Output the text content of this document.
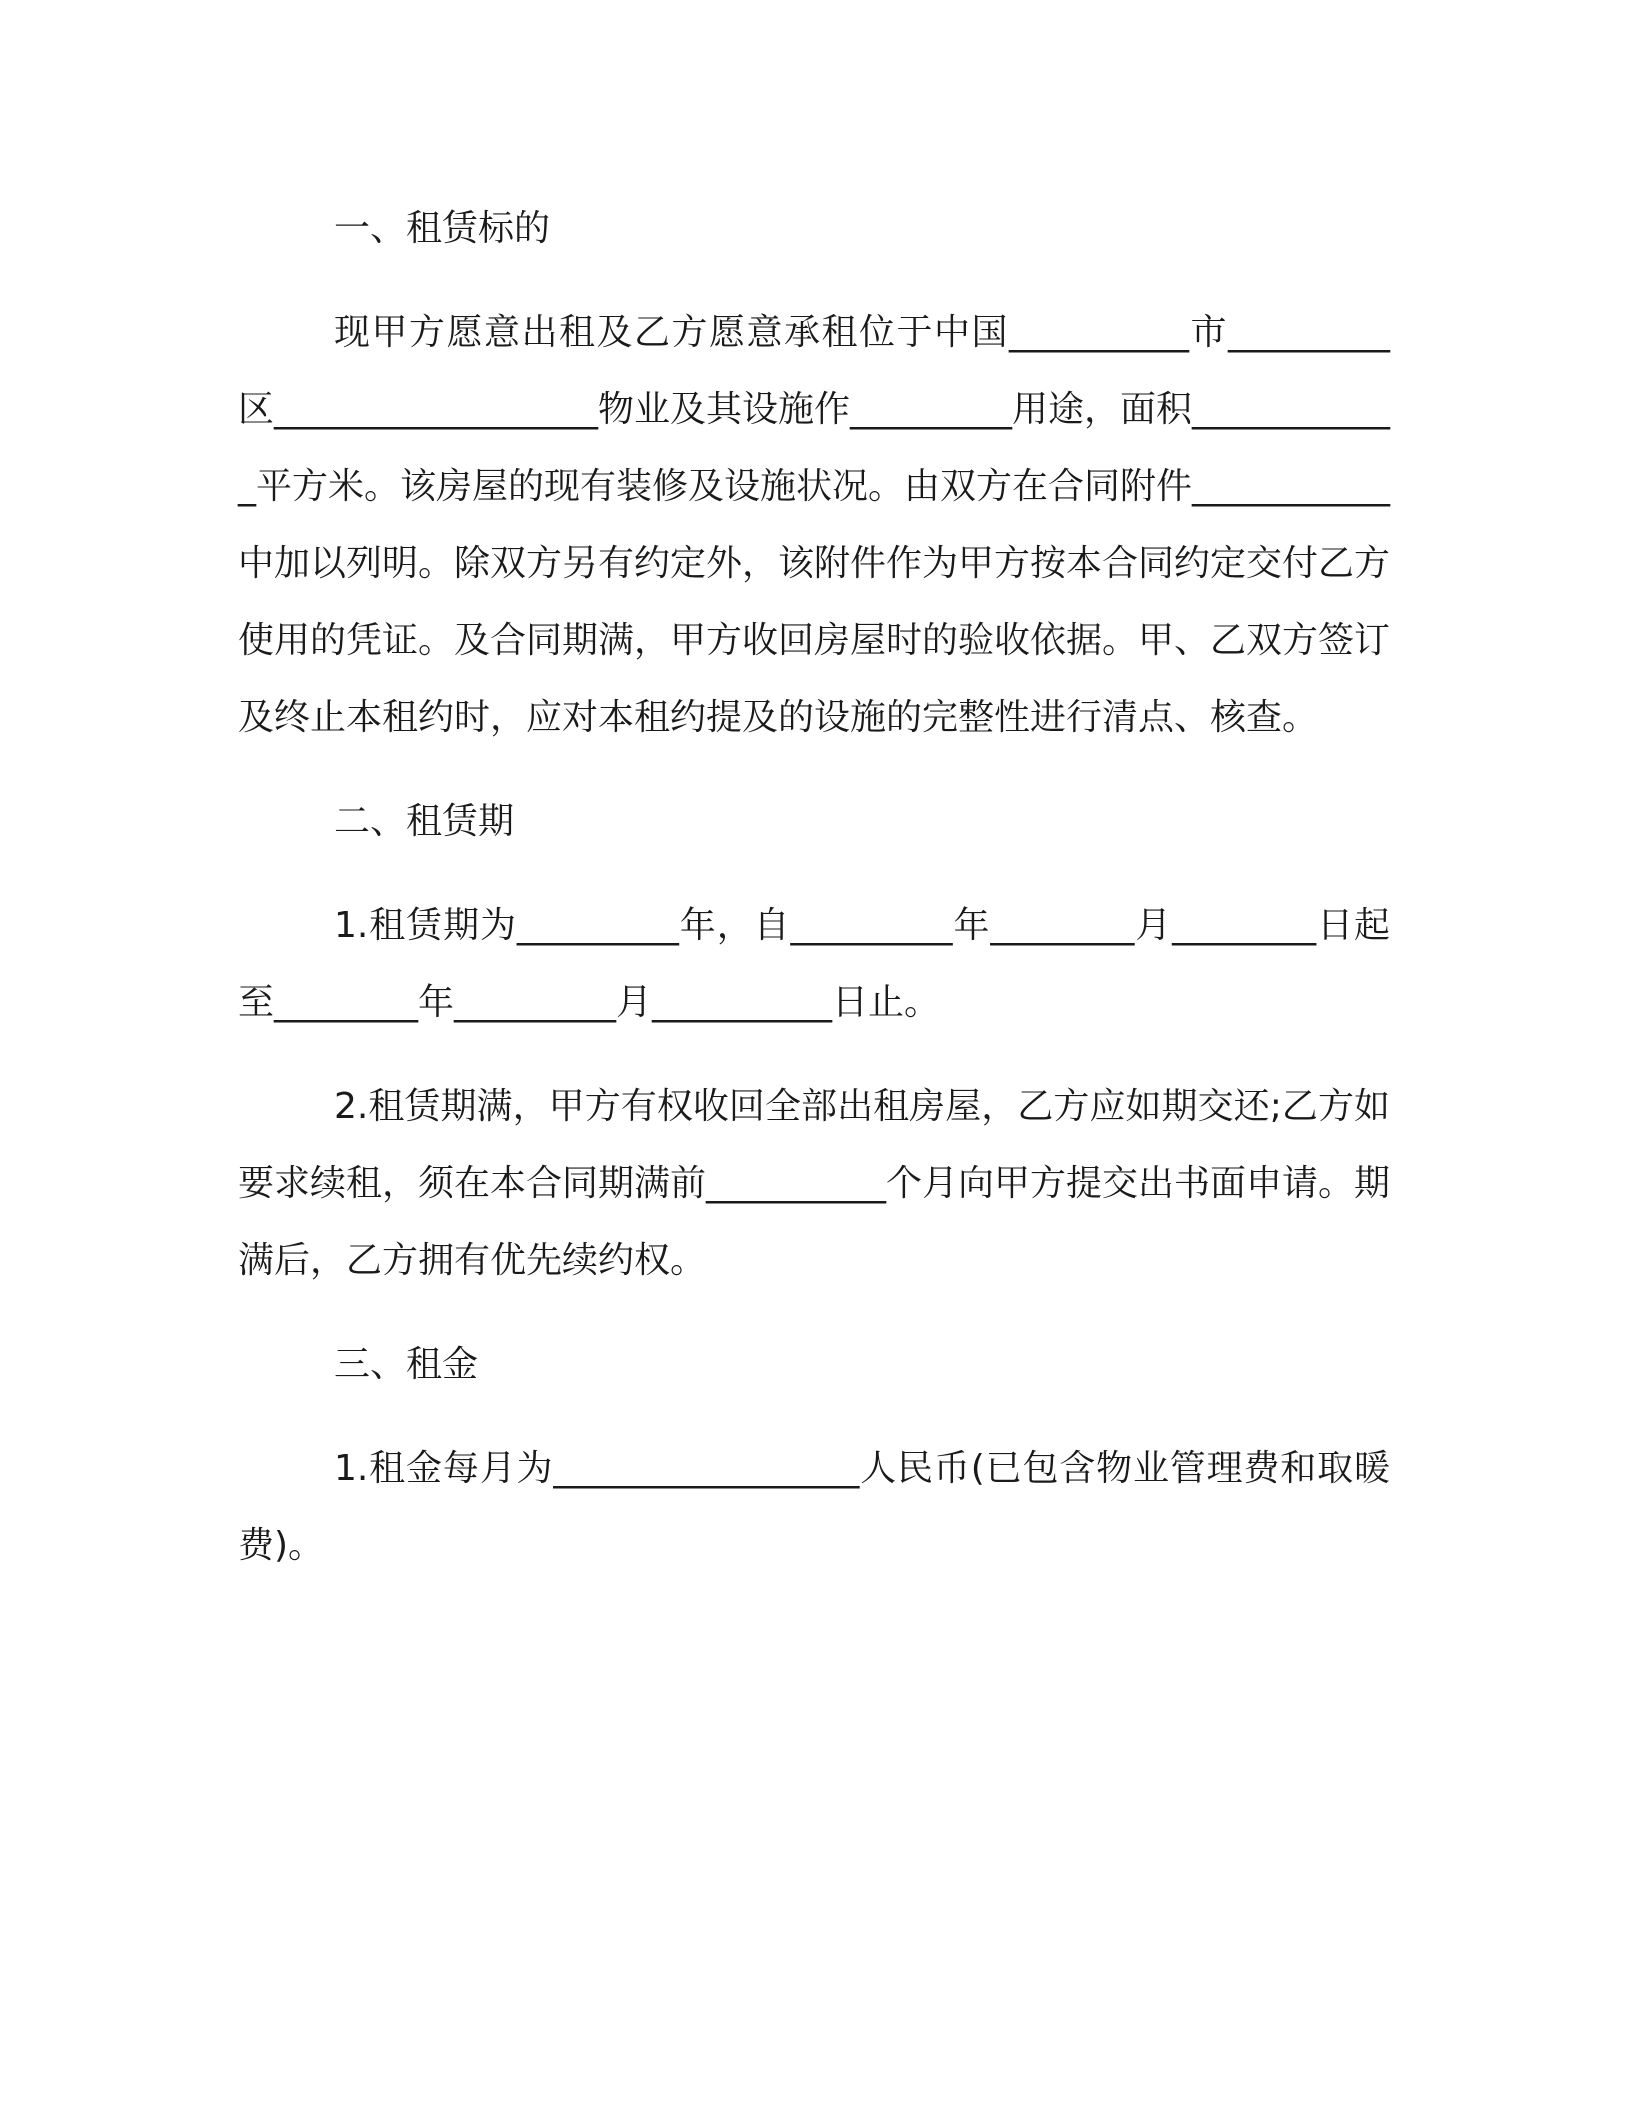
一、租赁标的

现甲方愿意出租及乙方愿意承租位于中国__________市_________区__________________物业及其设施作_________用途，面积____________平方米。该房屋的现有装修及设施状况。由双方在合同附件___________中加以列明。除双方另有约定外，该附件作为甲方按本合同约定交付乙方使用的凭证。及合同期满，甲方收回房屋时的验收依据。甲、乙双方签订及终止本租约时，应对本租约提及的设施的完整性进行清点、核查。

二、租赁期

1.租赁期为_________年，自_________年________月________日起至________年_________月__________日止。

2.租赁期满，甲方有权收回全部出租房屋，乙方应如期交还;乙方如要求续租，须在本合同期满前__________个月向甲方提交出书面申请。期满后，乙方拥有优先续约权。

三、租金

1.租金每月为_________________人民币(已包含物业管理费和取暖费)。
